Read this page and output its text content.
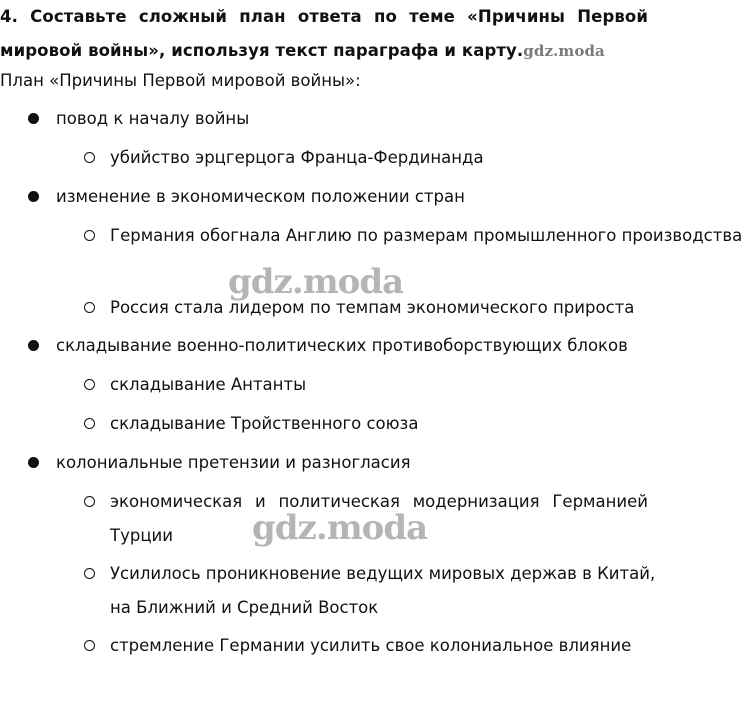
4. Составьте сложный план ответа по теме «Причины Первой
мировой войны», используя текст параграфа и карту.gdz.moda
План «Причины Первой мировой войны»:
повод к началу войны
убийство эрцгерцога Франца-Фердинанда
изменение в экономическом положении стран
Германия обогнала Англию по размерам промышленного производства
Россия стала лидером по темпам экономического прироста
складывание военно-политических противоборствующих блоков
складывание Антанты
складывание Тройственного союза
колониальные претензии и разногласия
экономическая и политическая модернизация Германией
Турции
Усилилось проникновение ведущих мировых держав в Китай,
на Ближний и Средний Восток
стремление Германии усилить свое колониальное влияние
gdz.moda
gdz.moda
